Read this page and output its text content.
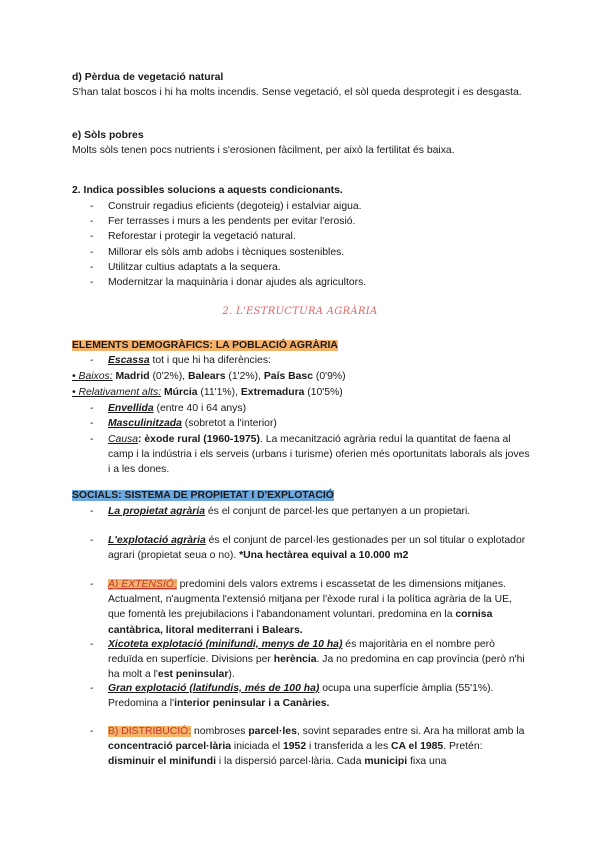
d) Pèrdua de vegetació natural
S'han talat boscos i hi ha molts incendis. Sense vegetació, el sòl queda desprotegit i es desgasta.
e) Sòls pobres
Molts sòls tenen pocs nutrients i s'erosionen fàcilment, per això la fertilitat és baixa.
2. Indica possibles solucions a aquests condicionants.
-	Construir regadius eficients (degoteig) i estalviar aigua.
-	Fer terrasses i murs a les pendents per evitar l'erosió.
-	Reforestar i protegir la vegetació natural.
-	Millorar els sòls amb adobs i tècniques sostenibles.
-	Utilitzar cultius adaptats a la sequera.
-	Modernitzar la maquinària i donar ajudes als agricultors.
2. L'ESTRUCTURA AGRÀRIA
ELEMENTS DEMOGRÀFICS: LA POBLACIÓ AGRÀRIA
-	Escassa tot i que hi ha diferències:
• Baixos: Madrid (0'2%), Balears (1'2%), País Basc (0'9%)
• Relativament alts: Múrcia (11'1%), Extremadura (10'5%)
-	Envellida (entre 40 i 64 anys)
-	Masculinitzada (sobretot a l'interior)
-	Causa: èxode rural (1960-1975). La mecanització agrària reduí la quantitat de faena al camp i la indústria i els serveis (urbans i turisme) oferien més oportunitats laborals als joves i a les dones.
SOCIALS: SISTEMA DE PROPIETAT I D'EXPLOTACIÓ
-	La propietat agrària és el conjunt de parcel·les que pertanyen a un propietari.
-	L'explotació agrària és el conjunt de parcel·les gestionades per un sol titular o explotador agrari (propietat seua o no). *Una hectàrea equival a 10.000 m2
-	A) EXTENSIÓ: predomini dels valors extrems i escassetat de les dimensions mitjanes. Actualment, n'augmenta l'extensió mitjana per l'èxode rural i la política agrària de la UE, que fomentà les prejubilacions i l'abandonament voluntari. predomina en la cornisa cantàbrica, litoral mediterrani i Balears.
-	Xicoteta explotació (minifundi, menys de 10 ha) és majoritària en el nombre però reduïda en superfície. Divisions per herència. Ja no predomina en cap província (però n'hi ha molt a l'est peninsular).
-	Gran explotació (latifundis, més de 100 ha) ocupa una superfície àmplia (55'1%). Predomina a l'interior peninsular i a Canàries.
-	B) DISTRIBUCIÓ: nombroses parcel·les, sovint separades entre si. Ara ha millorat amb la concentració parcel·lària iniciada el 1952 i transferida a les CA el 1985. Pretén: disminuir el minifundi i la dispersió parcel·lària. Cada municipi fixa una
